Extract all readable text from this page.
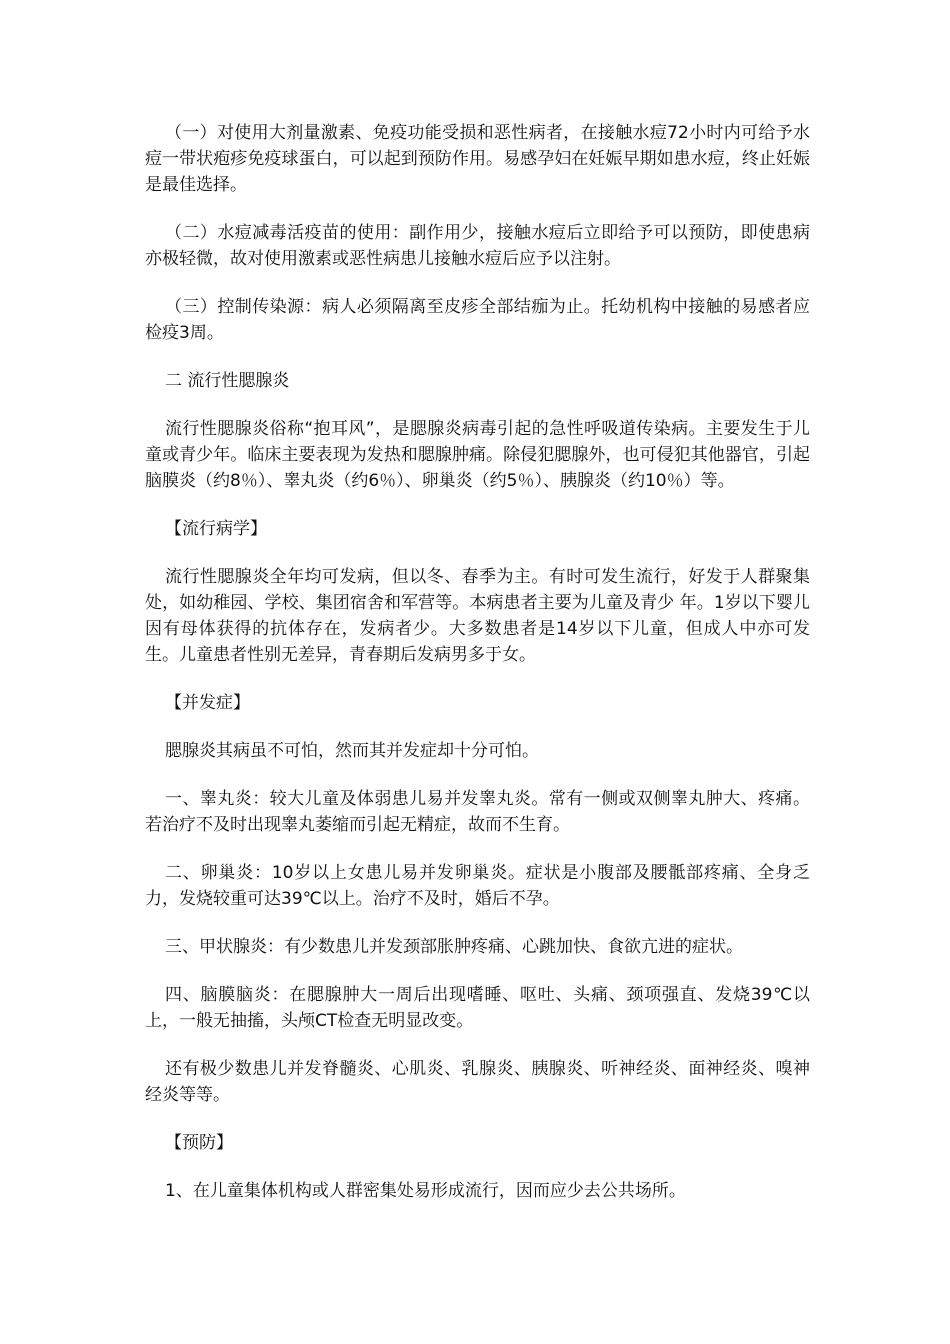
（一）对使用大剂量激素、免疫功能受损和恶性病者，在接触水痘72小时内可给予水痘一带状疱疹免疫球蛋白，可以起到预防作用。易感孕妇在妊娠早期如患水痘，终止妊娠是最佳选择。

（二）水痘减毒活疫苗的使用：副作用少，接触水痘后立即给予可以预防，即使患病亦极轻微，故对使用激素或恶性病患儿接触水痘后应予以注射。

（三）控制传染源：病人必须隔离至皮疹全部结痂为止。托幼机构中接触的易感者应检疫3周。

二 流行性腮腺炎

流行性腮腺炎俗称“抱耳风”，是腮腺炎病毒引起的急性呼吸道传染病。主要发生于儿童或青少年。临床主要表现为发热和腮腺肿痛。除侵犯腮腺外，也可侵犯其他器官，引起脑膜炎（约8％）、睾丸炎（约6％）、卵巢炎（约5％）、胰腺炎（约10％）等。

【流行病学】

流行性腮腺炎全年均可发病，但以冬、春季为主。有时可发生流行，好发于人群聚集处，如幼稚园、学校、集团宿舍和军营等。本病患者主要为儿童及青少 年。1岁以下婴儿因有母体获得的抗体存在，发病者少。大多数患者是14岁以下儿童，但成人中亦可发生。儿童患者性别无差异，青春期后发病男多于女。

【并发症】

腮腺炎其病虽不可怕，然而其并发症却十分可怕。

一、睾丸炎：较大儿童及体弱患儿易并发睾丸炎。常有一侧或双侧睾丸肿大、疼痛。若治疗不及时出现睾丸萎缩而引起无精症，故而不生育。

二、卵巢炎：10岁以上女患儿易并发卵巢炎。症状是小腹部及腰骶部疼痛、全身乏力，发烧较重可达39℃以上。治疗不及时，婚后不孕。

三、甲状腺炎：有少数患儿并发颈部胀肿疼痛、心跳加快、食欲亢进的症状。

四、脑膜脑炎：在腮腺肿大一周后出现嗜睡、呕吐、头痛、颈项强直、发烧39℃以上，一般无抽搐，头颅CT检查无明显改变。

还有极少数患儿并发脊髓炎、心肌炎、乳腺炎、胰腺炎、听神经炎、面神经炎、嗅神经炎等等。

【预防】

1、在儿童集体机构或人群密集处易形成流行，因而应少去公共场所。
